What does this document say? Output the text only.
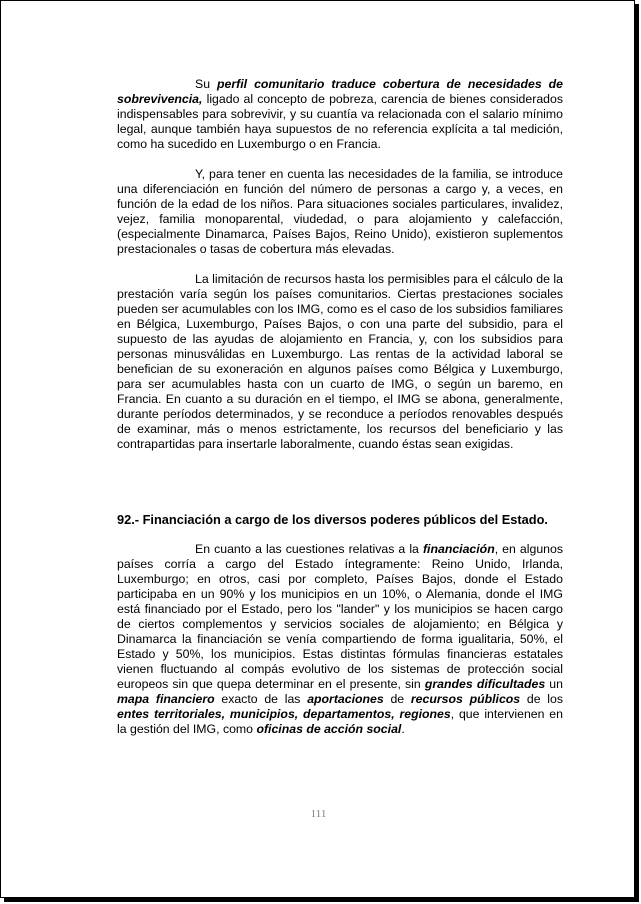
Su perfil comunitario traduce cobertura de necesidades de sobrevivencia, ligado al concepto de pobreza, carencia de bienes considerados indispensables para sobrevivir, y su cuantía va relacionada con el salario mínimo legal, aunque también haya supuestos de no referencia explícita a tal medición, como ha sucedido en Luxemburgo o en Francia.

Y, para tener en cuenta las necesidades de la familia, se introduce una diferenciación en función del número de personas a cargo y, a veces, en función de la edad de los niños. Para situaciones sociales particulares, invalidez, vejez, familia monoparental, viudedad, o para alojamiento y calefacción, (especialmente Dinamarca, Países Bajos, Reino Unido), existieron suplementos prestacionales o tasas de cobertura más elevadas.

La limitación de recursos hasta los permisibles para el cálculo de la prestación varía según los países comunitarios. Ciertas prestaciones sociales pueden ser acumulables con los IMG, como es el caso de los subsidios familiares en Bélgica, Luxemburgo, Países Bajos, o con una parte del subsidio, para el supuesto de las ayudas de alojamiento en Francia, y, con los subsidios para personas minusválidas en Luxemburgo. Las rentas de la actividad laboral se benefician de su exoneración en algunos países como Bélgica y Luxemburgo, para ser acumulables hasta con un cuarto de IMG, o según un baremo, en Francia. En cuanto a su duración en el tiempo, el IMG se abona, generalmente, durante períodos determinados, y se reconduce a períodos renovables después de examinar, más o menos estrictamente, los recursos del beneficiario y las contrapartidas para insertarle laboralmente, cuando éstas sean exigidas.

92.- Financiación a cargo de los diversos poderes públicos del Estado.

En cuanto a las cuestiones relativas a la financiación, en algunos países corría a cargo del Estado íntegramente: Reino Unido, Irlanda, Luxemburgo; en otros, casi por completo, Países Bajos, donde el Estado participaba en un 90% y los municipios en un 10%, o Alemania, donde el IMG está financiado por el Estado, pero los "lander" y los municipios se hacen cargo de ciertos complementos y servicios sociales de alojamiento; en Bélgica y Dinamarca la financiación se venía compartiendo de forma igualitaria, 50%, el Estado y 50%, los municipios. Estas distintas fórmulas financieras estatales vienen fluctuando al compás evolutivo de los sistemas de protección social europeos sin que quepa determinar en el presente, sin grandes dificultades un mapa financiero exacto de las aportaciones de recursos públicos de los entes territoriales, municipios, departamentos, regiones, que intervienen en la gestión del IMG, como oficinas de acción social.

111
